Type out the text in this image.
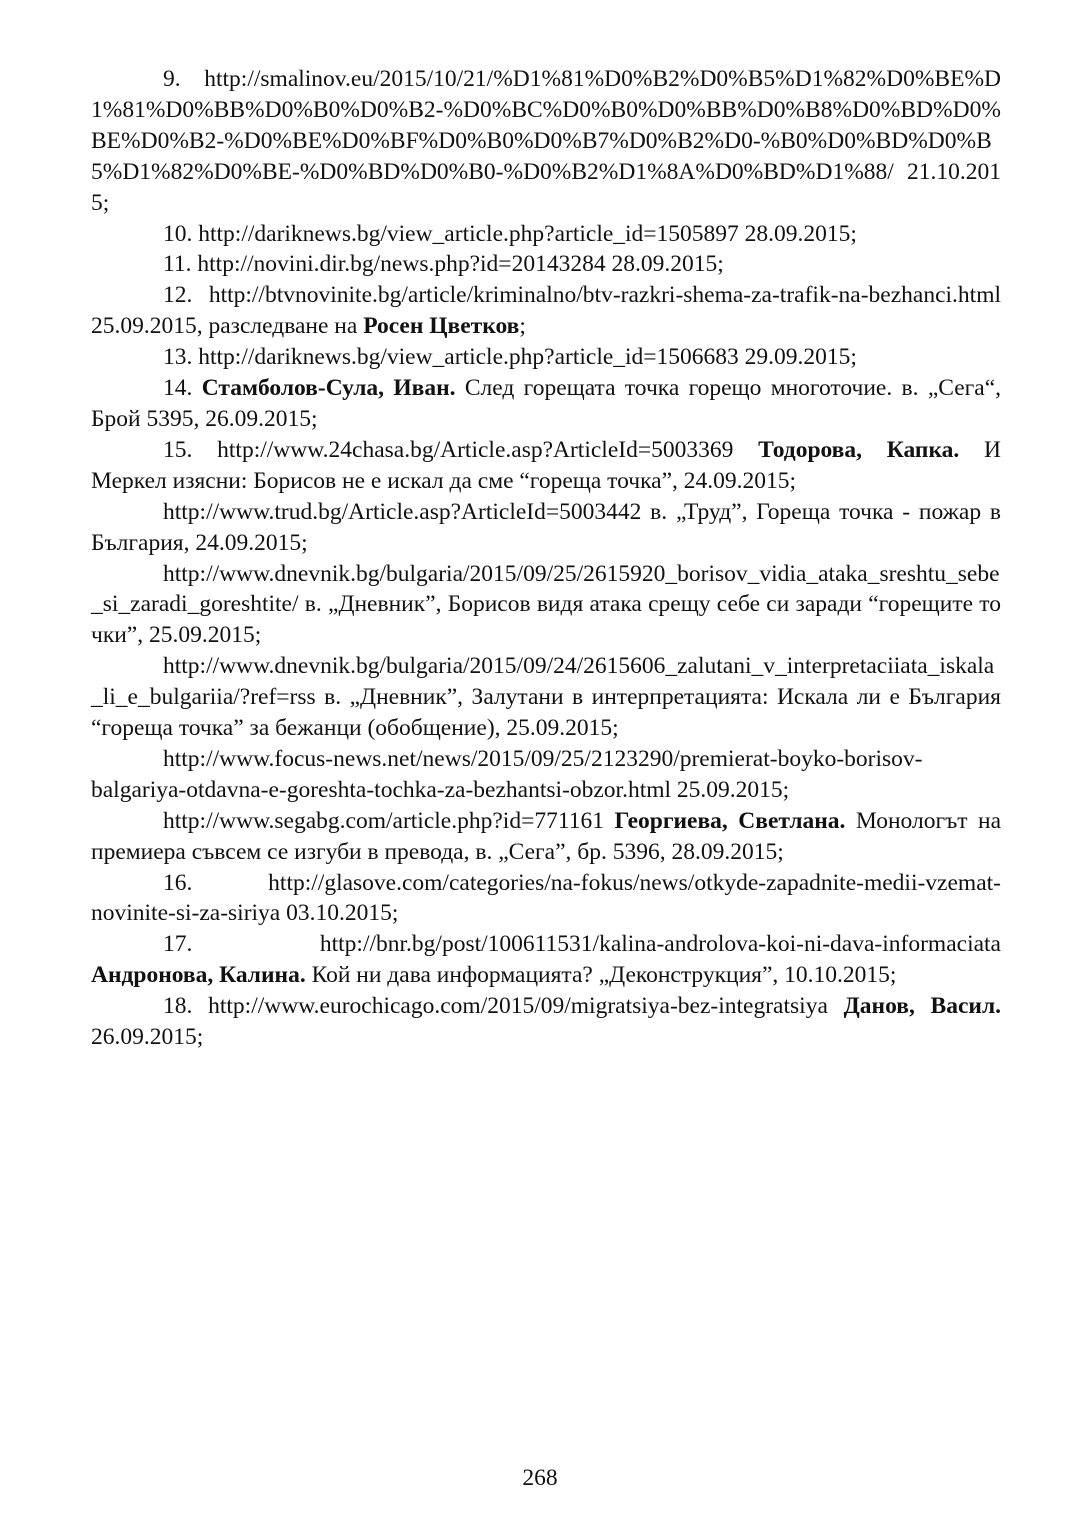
9. http://smalinov.eu/2015/10/21/%D1%81%D0%B2%D0%B5%D1%82%D0%BE%D1%81%D0%BB%D0%B0%D0%B2-%D0%BC%D0%B0%D0%BB%D0%B8%D0%BD%D0%BE%D0%B2-%D0%BE%D0%BF%D0%B0%D0%B7%D0%B2%D0-%B0%D0%BD%D0%B5%D1%82%D0%BE-%D0%BD%D0%B0-%D0%B2%D1%8A%D0%BD%D1%88/ 21.10.2015;

10. http://dariknews.bg/view_article.php?article_id=1505897 28.09.2015;

11. http://novini.dir.bg/news.php?id=20143284 28.09.2015;

12. http://btvnovinite.bg/article/kriminalno/btv-razkri-shema-za-trafik-na-bezhanci.html 25.09.2015, разследване на Росен Цветков;

13. http://dariknews.bg/view_article.php?article_id=1506683 29.09.2015;

14. Стамболов-Сула, Иван. След горещата точка горещо многоточие. в. „Сега“, Брой 5395, 26.09.2015;

15. http://www.24chasa.bg/Article.asp?ArticleId=5003369 Тодорова, Капка. И Меркел изясни: Борисов не е искал да сме “гореща точка”, 24.09.2015;

http://www.trud.bg/Article.asp?ArticleId=5003442 в. „Труд”, Гореща точка - пожар в България, 24.09.2015;

http://www.dnevnik.bg/bulgaria/2015/09/25/2615920_borisov_vidia_ataka_sreshtu_sebe_si_zaradi_goreshtite/ в. „Дневник”, Борисов видя атака срещу себе си заради “горещите точки”, 25.09.2015;

http://www.dnevnik.bg/bulgaria/2015/09/24/2615606_zalutani_v_interpretaciiata_iskala_li_e_bulgariia/?ref=rss в. „Дневник”, Залутани в интерпретацията: Искала ли е България “гореща точка” за бежанци (обобщение), 25.09.2015;

http://www.focus-news.net/news/2015/09/25/2123290/premierat-boyko-borisov-balgariya-otdavna-e-goreshta-tochka-za-bezhantsi-obzor.html 25.09.2015;

http://www.segabg.com/article.php?id=771161 Георгиева, Светлана. Монологът на премиера съвсем се изгуби в превода, в. „Сега”, бр. 5396, 28.09.2015;

16.	http://glasove.com/categories/na-fokus/news/otkyde-zapadnite-medii-vzemat-novinite-si-za-siriya 03.10.2015;

17.	http://bnr.bg/post/100611531/kalina-androlova-koi-ni-dava-informaciata Андронова, Калина. Кой ни дава информацията? „Деконструкция”, 10.10.2015;

18. http://www.eurochicago.com/2015/09/migratsiya-bez-integratsiya Данов, Васил. 26.09.2015;

268
